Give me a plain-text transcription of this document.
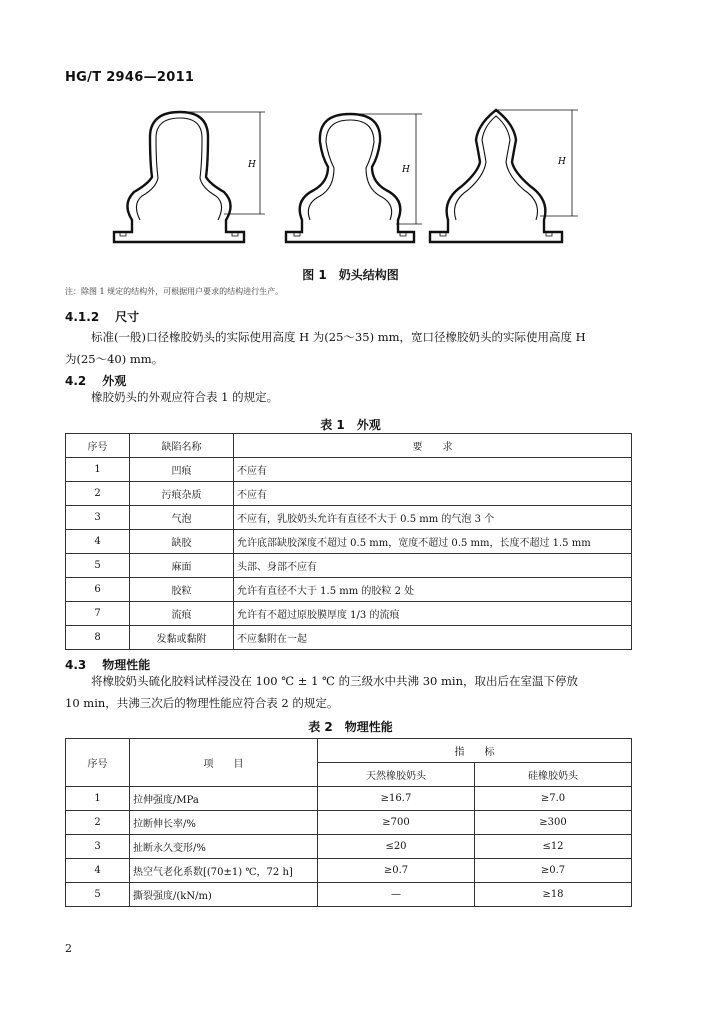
HG/T 2946—2011
H	H
H
图 1　奶头结构图
注：除图 1 规定的结构外，可根据用户要求的结构进行生产。
4.1.2 尺寸
标准(一般)口径橡胶奶头的实际使用高度 H 为(25～35) mm，宽口径橡胶奶头的实际使用高度 H
为(25～40) mm。
4.2 外观
橡胶奶头的外观应符合表 1 的规定。
表 1　外观
序号	缺陷名称	要　　求
1	凹痕	不应有
2	污痕杂质	不应有
3	气泡	不应有，乳胶奶头允许有直径不大于 0.5 mm 的气泡 3 个
4	缺胶	允许底部缺胶深度不超过 0.5 mm，宽度不超过 0.5 mm，长度不超过 1.5 mm
5	麻面	头部、身部不应有
6	胶粒	允许有直径不大于 1.5 mm 的胶粒 2 处
7	流痕	允许有不超过原胶膜厚度 1/3 的流痕
8	发黏或黏附	不应黏附在一起
4.3 物理性能
将橡胶奶头硫化胶料试样浸没在 100 ℃ ± 1 ℃ 的三级水中共沸 30 min，取出后在室温下停放
10 min，共沸三次后的物理性能应符合表 2 的规定。
表 2　物理性能
序号	项　　目	指　　标	
		天然橡胶奶头	硅橡胶奶头
1	拉伸强度/MPa	≥16.7	≥7.0
2	拉断伸长率/%	≥700	≥300
3	扯断永久变形/%	≤20	≤12
4	热空气老化系数[(70±1) ℃，72 h]	≥0.7	≥0.7
5	撕裂强度/(kN/m)	—	≥18
2
